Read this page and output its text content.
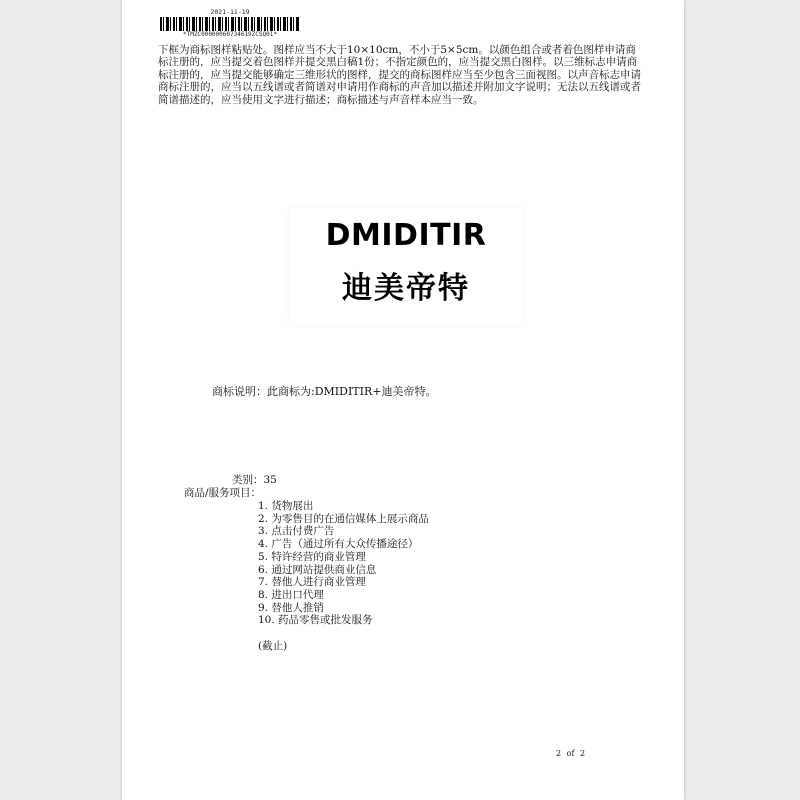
2021-11-19
*TMZC00000060734619ZCSQ01*

下框为商标图样粘贴处。图样应当不大于10×10cm，不小于5×5cm。以颜色组合或者着色图样申请商标注册的，应当提交着色图样并提交黑白稿1份；不指定颜色的，应当提交黑白图样。以三维标志申请商标注册的，应当提交能够确定三维形状的图样，提交的商标图样应当至少包含三面视图。以声音标志申请商标注册的，应当以五线谱或者简谱对申请用作商标的声音加以描述并附加文字说明；无法以五线谱或者简谱描述的，应当使用文字进行描述；商标描述与声音样本应当一致。

DMIDITIR
迪美帝特
商标说明：此商标为:DMIDITIR+迪美帝特。
类别：35
商品/服务项目：
1. 货物展出
2. 为零售目的在通信媒体上展示商品
3. 点击付费广告
4. 广告（通过所有大众传播途径）
5. 特许经营的商业管理
6. 通过网站提供商业信息
7. 替他人进行商业管理
8. 进出口代理
9. 替他人推销
10. 药品零售或批发服务
(截止)
2 of 2
